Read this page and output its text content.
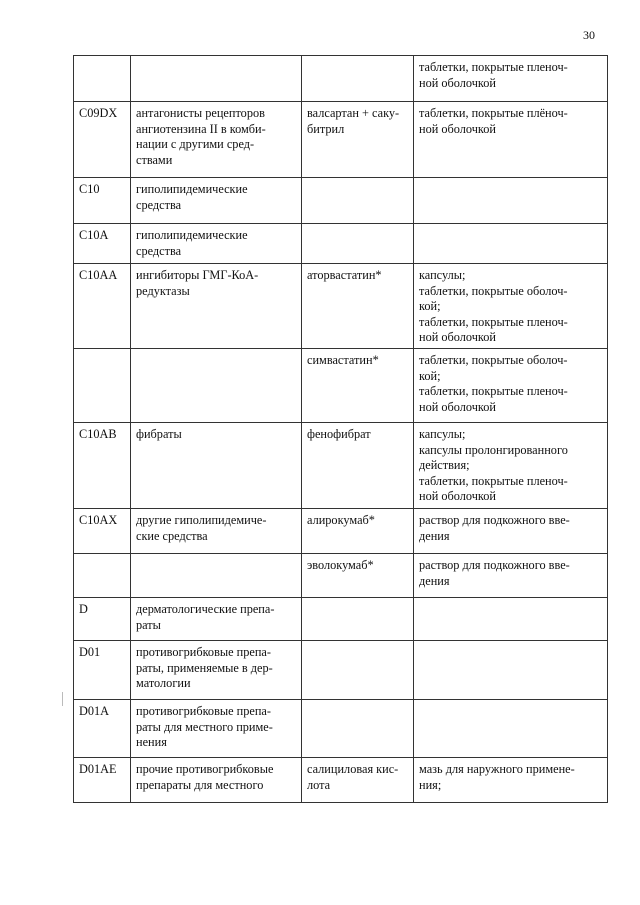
30

			таблетки, покрытые пленоч-
ной оболочкой

C09DX	антагонисты рецепторов
ангиотензина II в комби-
нации с другими сред-
ствами	валсартан + саку-
битрил	таблетки, покрытые плёноч-
ной оболочкой

C10	гиполипидемические
средства		

C10A	гиполипидемические
средства		

C10AA	ингибиторы ГМГ-КоА-
редуктазы	аторвастатин*	капсулы;
таблетки, покрытые оболоч-
кой;
таблетки, покрытые пленоч-
ной оболочкой

		симвастатин*	таблетки, покрытые оболоч-
кой;
таблетки, покрытые пленоч-
ной оболочкой

C10AB	фибраты	фенофибрат	капсулы;
капсулы пролонгированного
действия;
таблетки, покрытые пленоч-
ной оболочкой

C10AX	другие гиполипидемиче-
ские средства	алирокумаб*	раствор для подкожного вве-
дения

		эволокумаб*	раствор для подкожного вве-
дения

D	дерматологические препа-
раты		

D01	противогрибковые препа-
раты, применяемые в дер-
матологии		

D01A	противогрибковые препа-
раты для местного приме-
нения		

D01AE	прочие противогрибковые
препараты для местного	салициловая кис-
лота	мазь для наружного примене-
ния;
